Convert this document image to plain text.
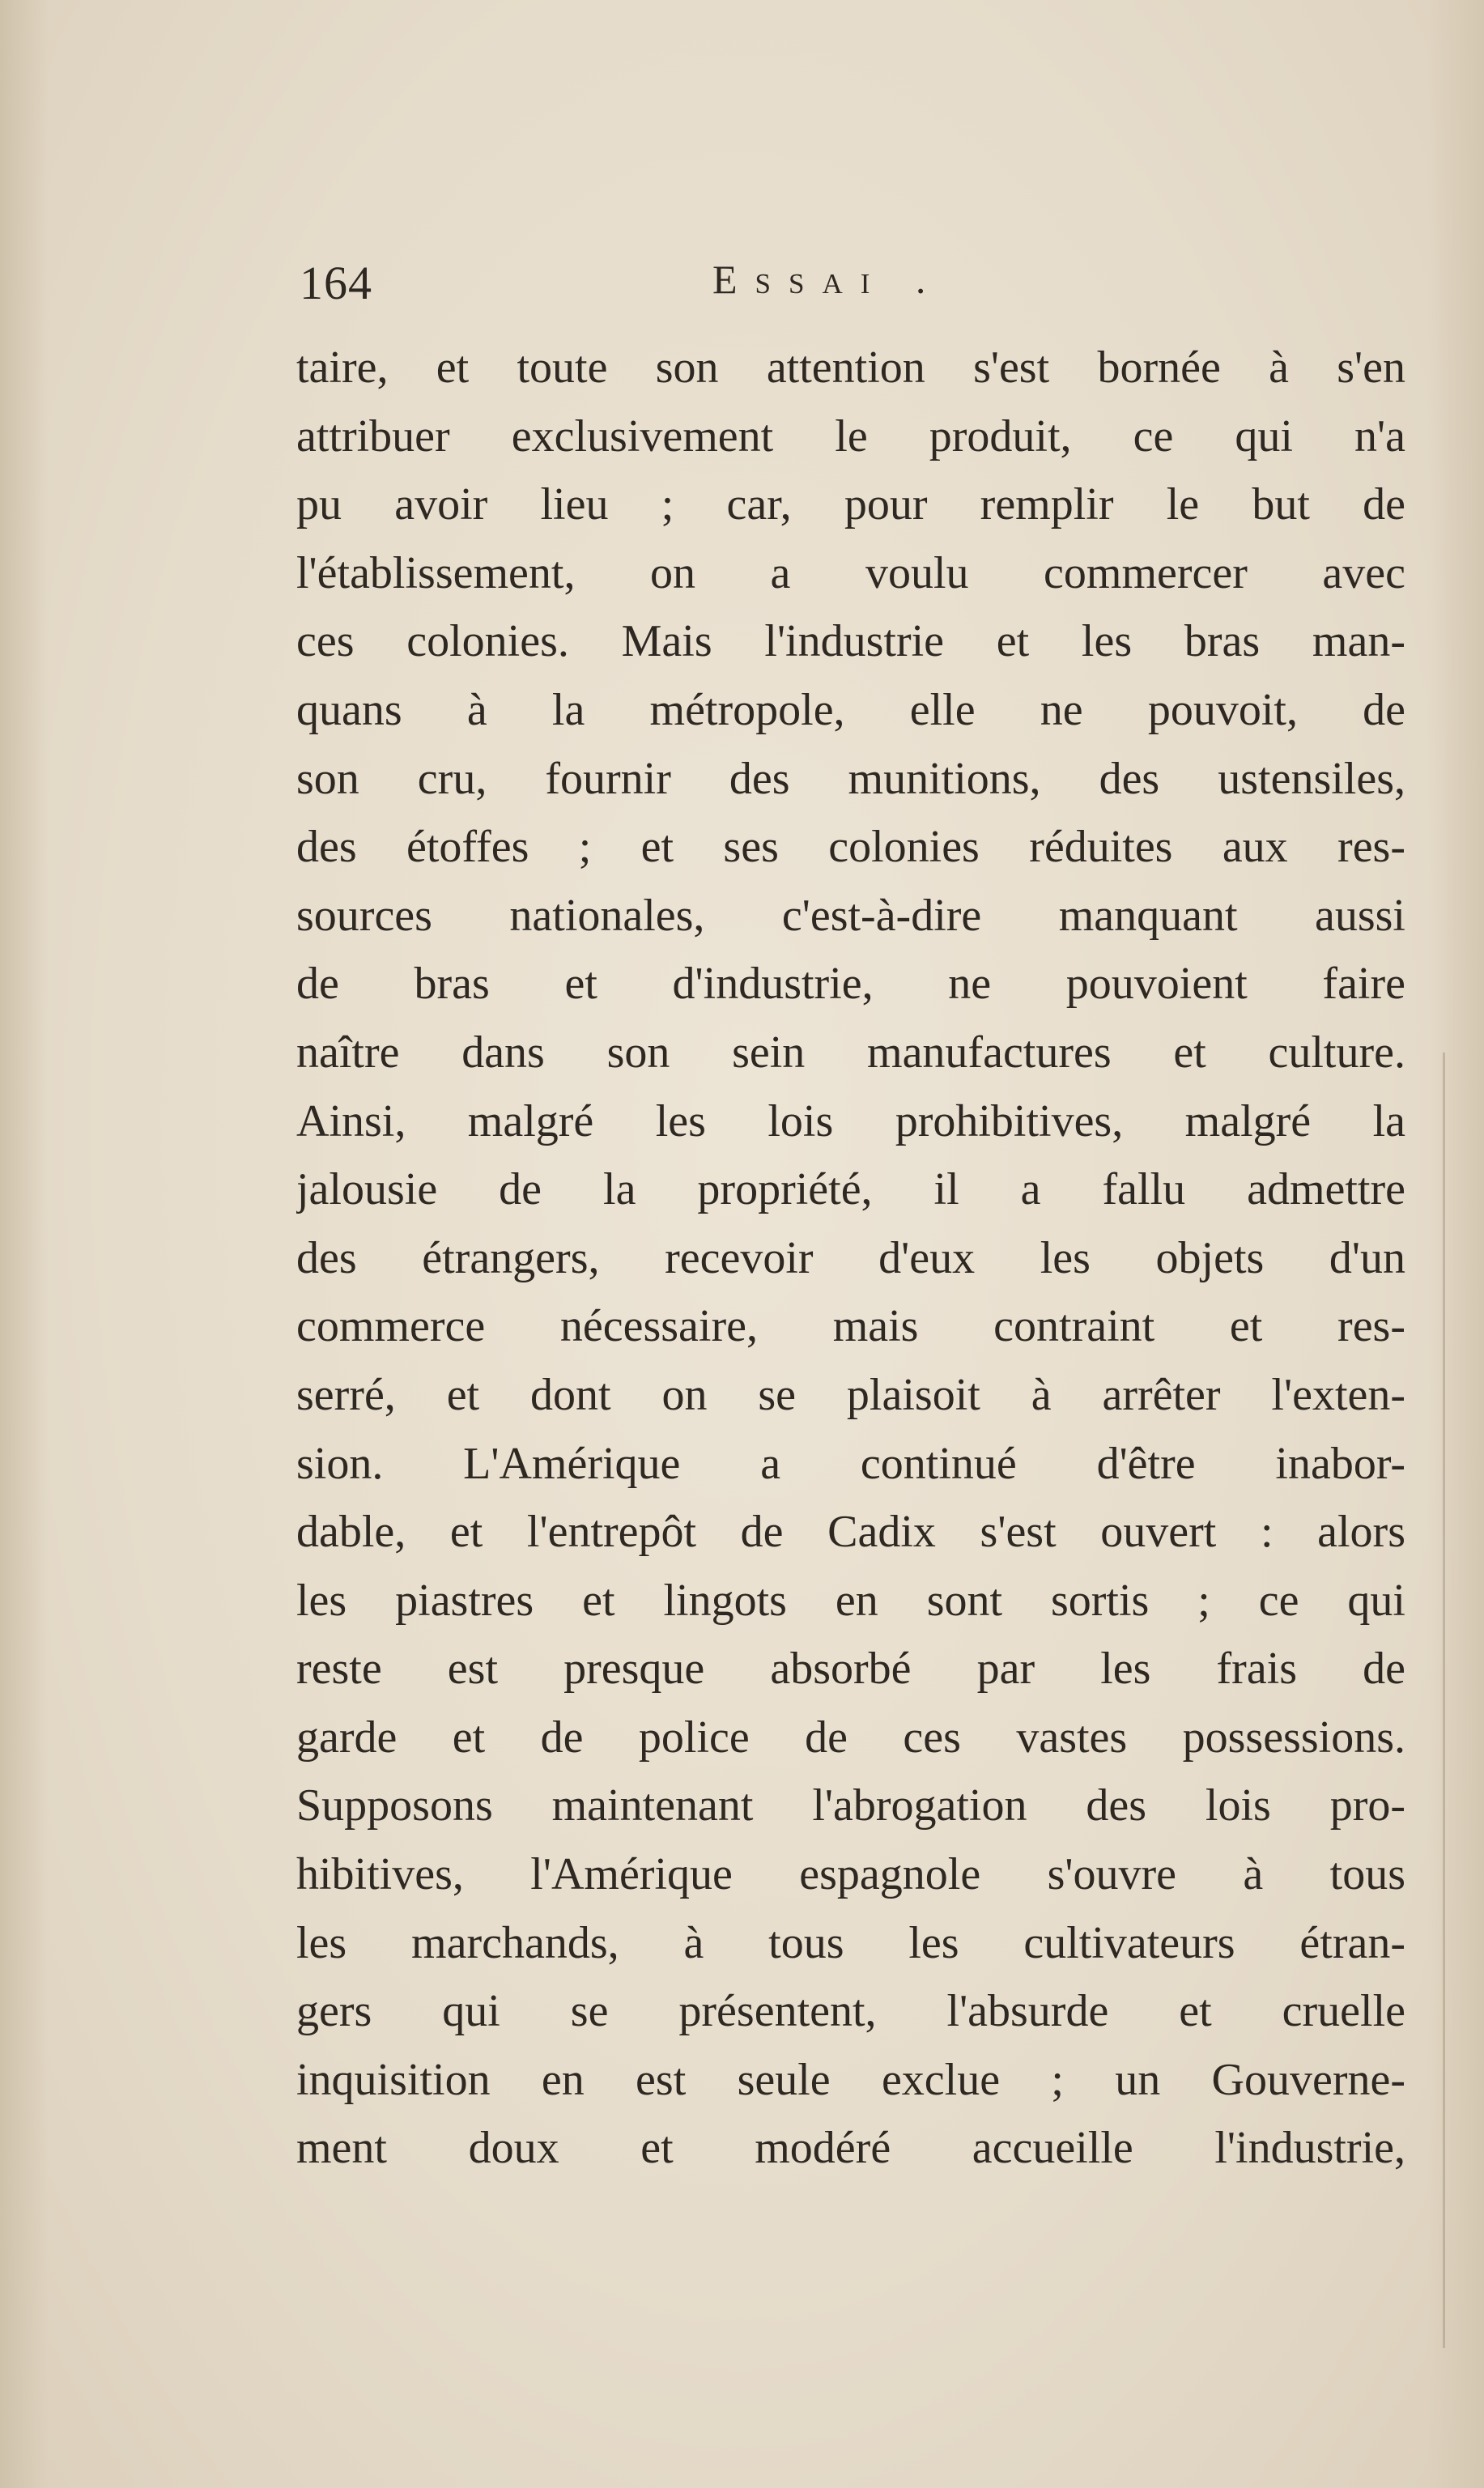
164	Essai .
taire, et toute son attention s'est bornée à s'en
attribuer exclusivement le produit, ce qui n'a
pu avoir lieu ; car, pour remplir le but de
l'établissement, on a voulu commercer avec
ces colonies. Mais l'industrie et les bras man-
quans à la métropole, elle ne pouvoit, de
son cru, fournir des munitions, des ustensiles,
des étoffes ; et ses colonies réduites aux res-
sources nationales, c'est-à-dire manquant aussi
de bras et d'industrie, ne pouvoient faire
naître dans son sein manufactures et culture.
Ainsi, malgré les lois prohibitives, malgré la
jalousie de la propriété, il a fallu admettre
des étrangers, recevoir d'eux les objets d'un
commerce nécessaire, mais contraint et res-
serré, et dont on se plaisoit à arrêter l'exten-
sion. L'Amérique a continué d'être inabor-
dable, et l'entrepôt de Cadix s'est ouvert : alors
les piastres et lingots en sont sortis ; ce qui
reste est presque absorbé par les frais de
garde et de police de ces vastes possessions.
Supposons maintenant l'abrogation des lois pro-
hibitives, l'Amérique espagnole s'ouvre à tous
les marchands, à tous les cultivateurs étran-
gers qui se présentent, l'absurde et cruelle
inquisition en est seule exclue ; un Gouverne-
ment doux et modéré accueille l'industrie,
